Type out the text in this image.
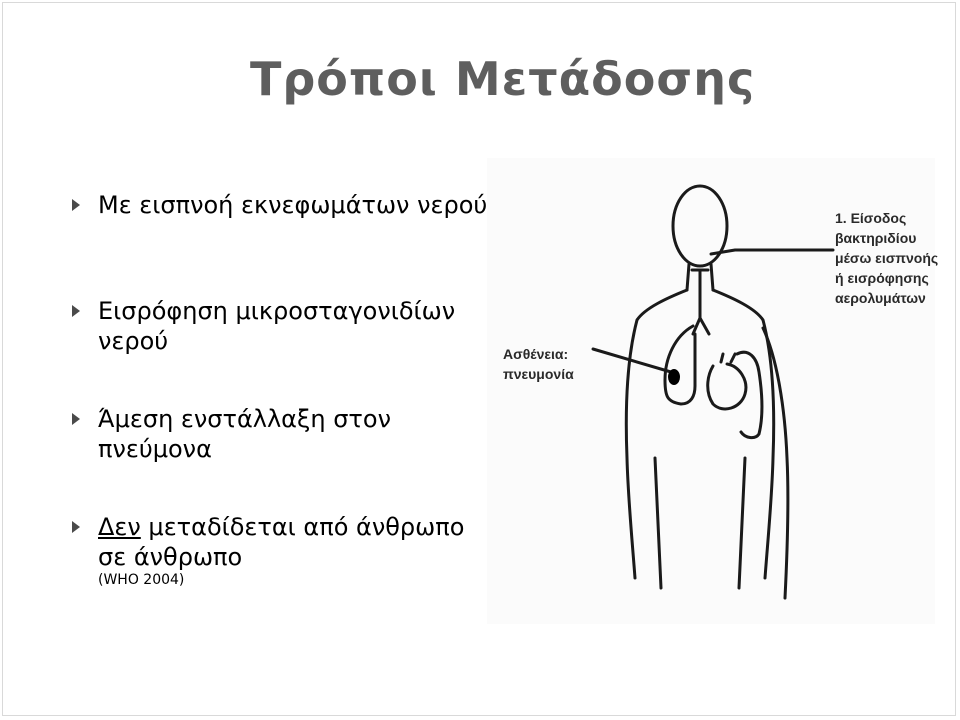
Τρόποι Μετάδοσης
Με εισπνοή εκνεφωμάτων νερού
Εισρόφηση μικροσταγονιδίων νερού
Άμεση ενστάλλαξη στον πνεύμονα
Δεν μεταδίδεται από άνθρωπο σε άνθρωπο
(WHO 2004)
1. Είσοδος
βακτηριδίου
μέσω εισπνοής
ή εισρόφησης
αερολυμάτων
Ασθένεια:
πνευμονία
